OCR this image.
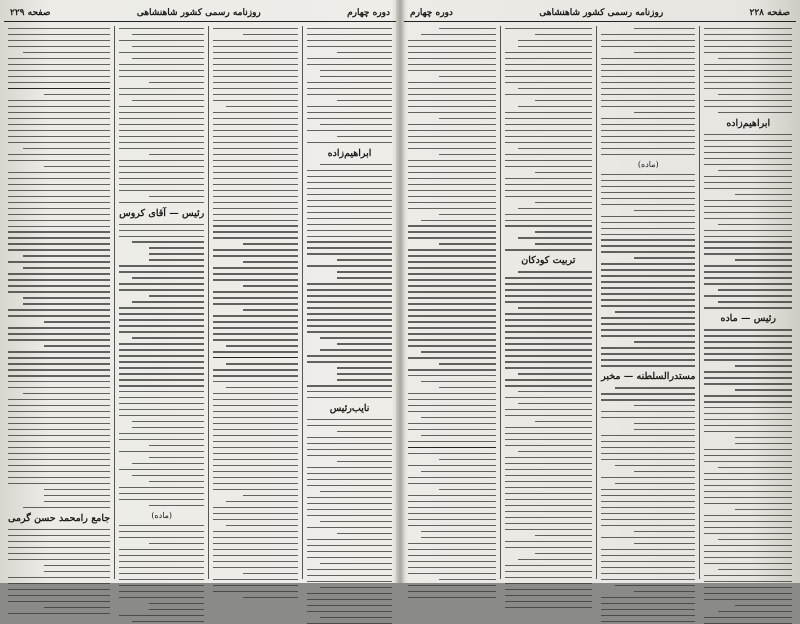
دوره چهارم
روزنامه رسمی کشور شاهنشاهی
صفحه ۲۲۹
ابراهیم‌زاده
نایب‌رئیس
رئیس — آقای کروس
(ماده)
جامع رامحمد حسن گرمی
صفحه ۲۲۸
روزنامه رسمی کشور شاهنشاهی
دوره چهارم
ابراهیم‌زاده
رئیس — ماده
(ماده)
مستدرالسلطنه — مخبر
تربیت کودکان
